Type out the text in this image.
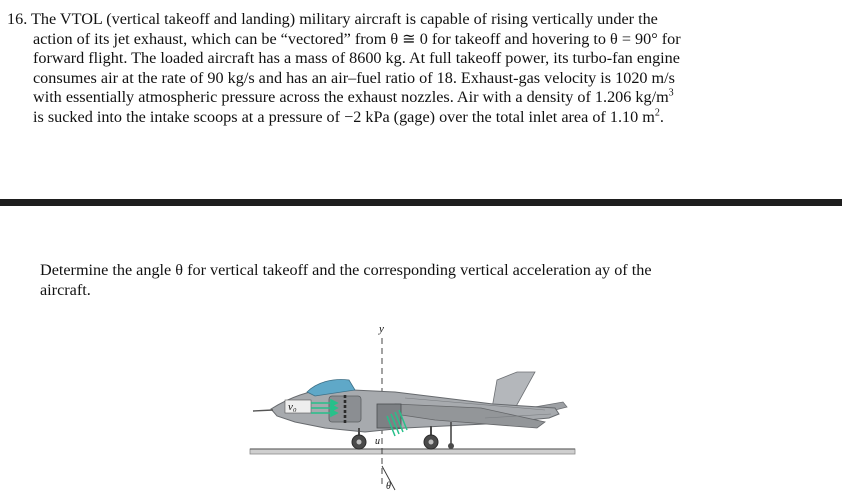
16. The VTOL (vertical takeoff and landing) military aircraft is capable of rising vertically under the
action of its jet exhaust, which can be “vectored” from θ ≅ 0 for takeoff and hovering to θ = 90° for
forward flight. The loaded aircraft has a mass of 8600 kg. At full takeoff power, its turbo-fan engine
consumes air at the rate of 90 kg/s and has an air–fuel ratio of 18. Exhaust-gas velocity is 1020 m/s
with essentially atmospheric pressure across the exhaust nozzles. Air with a density of 1.206 $kg/m^3$
is sucked into the intake scoops at a pressure of −2 kPa (gage) over the total inlet area of 1.10 $m^2$.
Determine the angle θ for vertical takeoff and the corresponding vertical acceleration ay of the
aircraft.
y
θ
v₀
u
